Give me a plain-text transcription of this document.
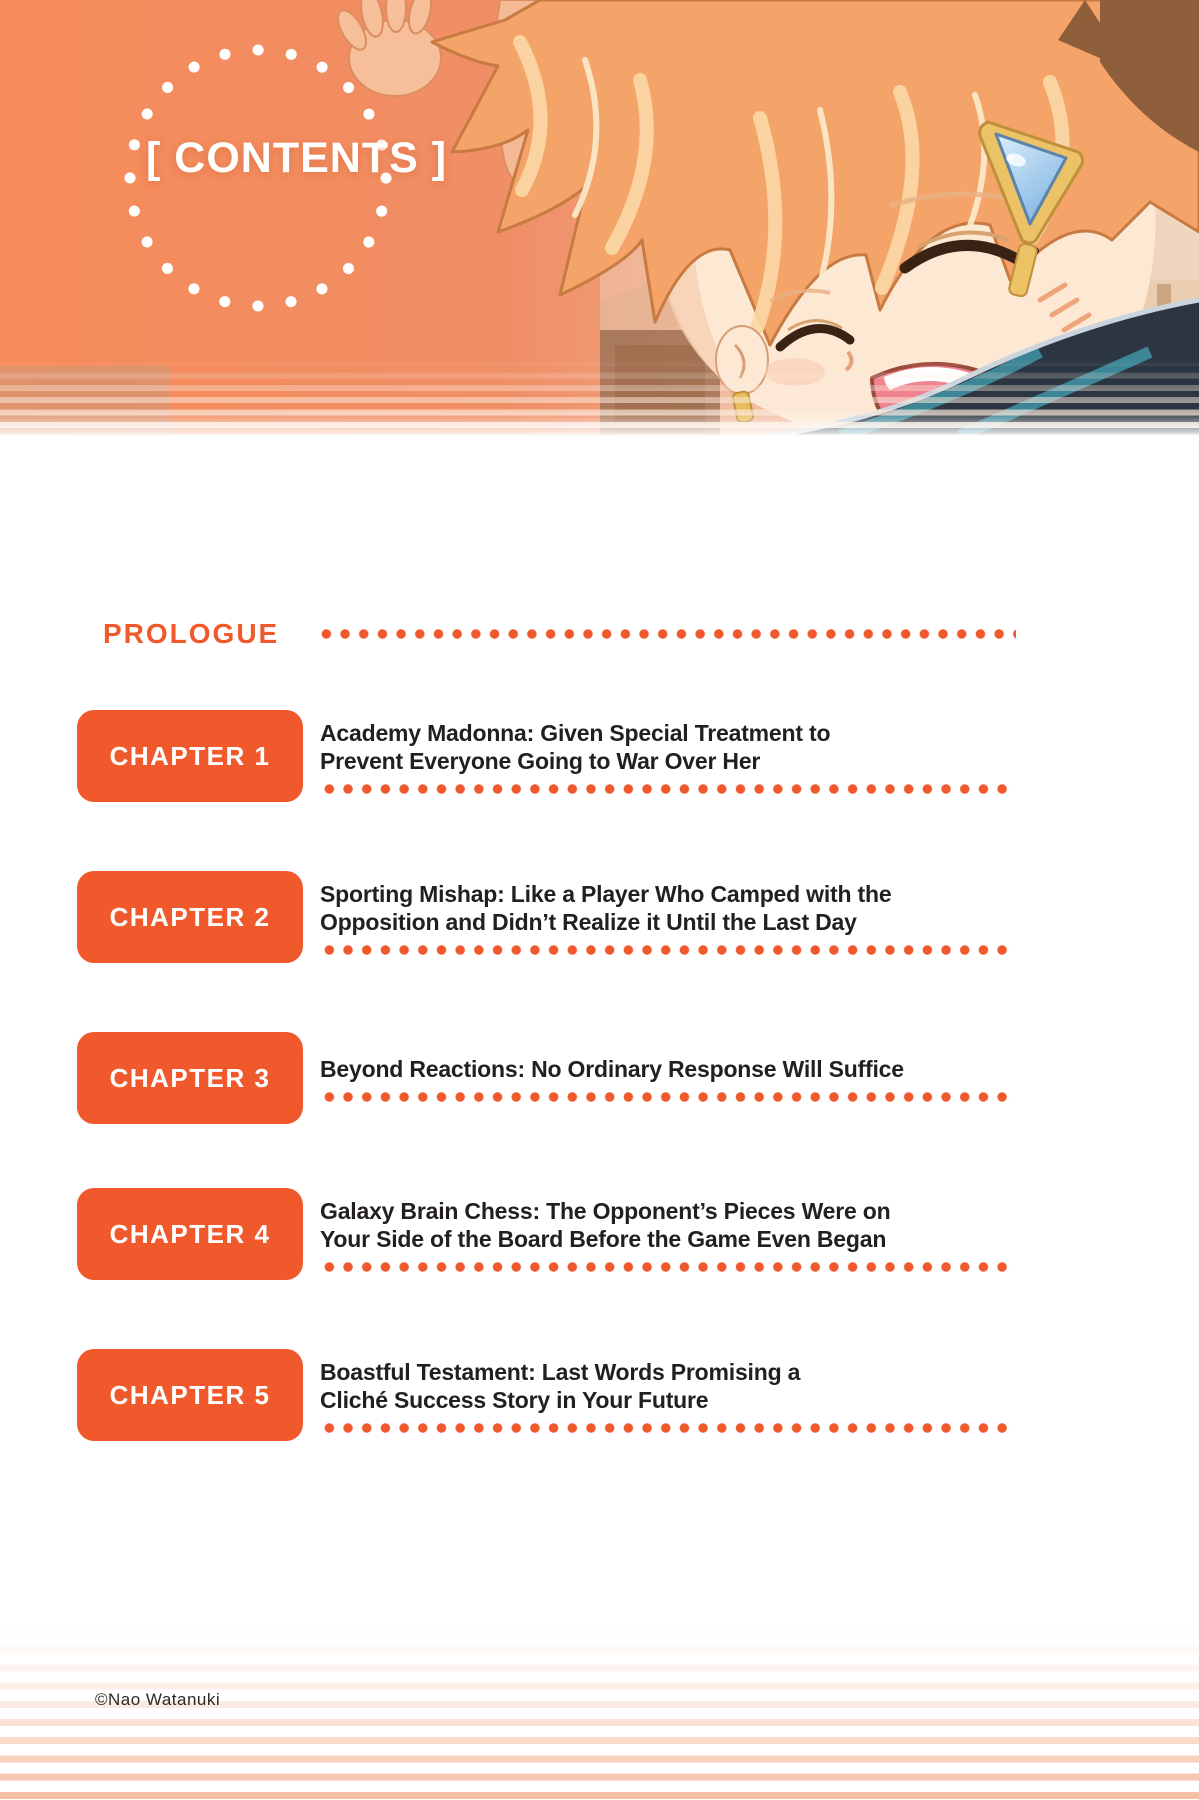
[ CONTENTS ]
PROLOGUE
CHAPTER 1
Academy Madonna: Given Special Treatment to
Prevent Everyone Going to War Over Her
CHAPTER 2
Sporting Mishap: Like a Player Who Camped with the
Opposition and Didn’t Realize it Until the Last Day
CHAPTER 3	Beyond Reactions: No Ordinary Response Will Suffice
CHAPTER 4
Galaxy Brain Chess: The Opponent’s Pieces Were on
Your Side of the Board Before the Game Even Began
CHAPTER 5
Boastful Testament: Last Words Promising a
Cliché Success Story in Your Future
©Nao Watanuki
